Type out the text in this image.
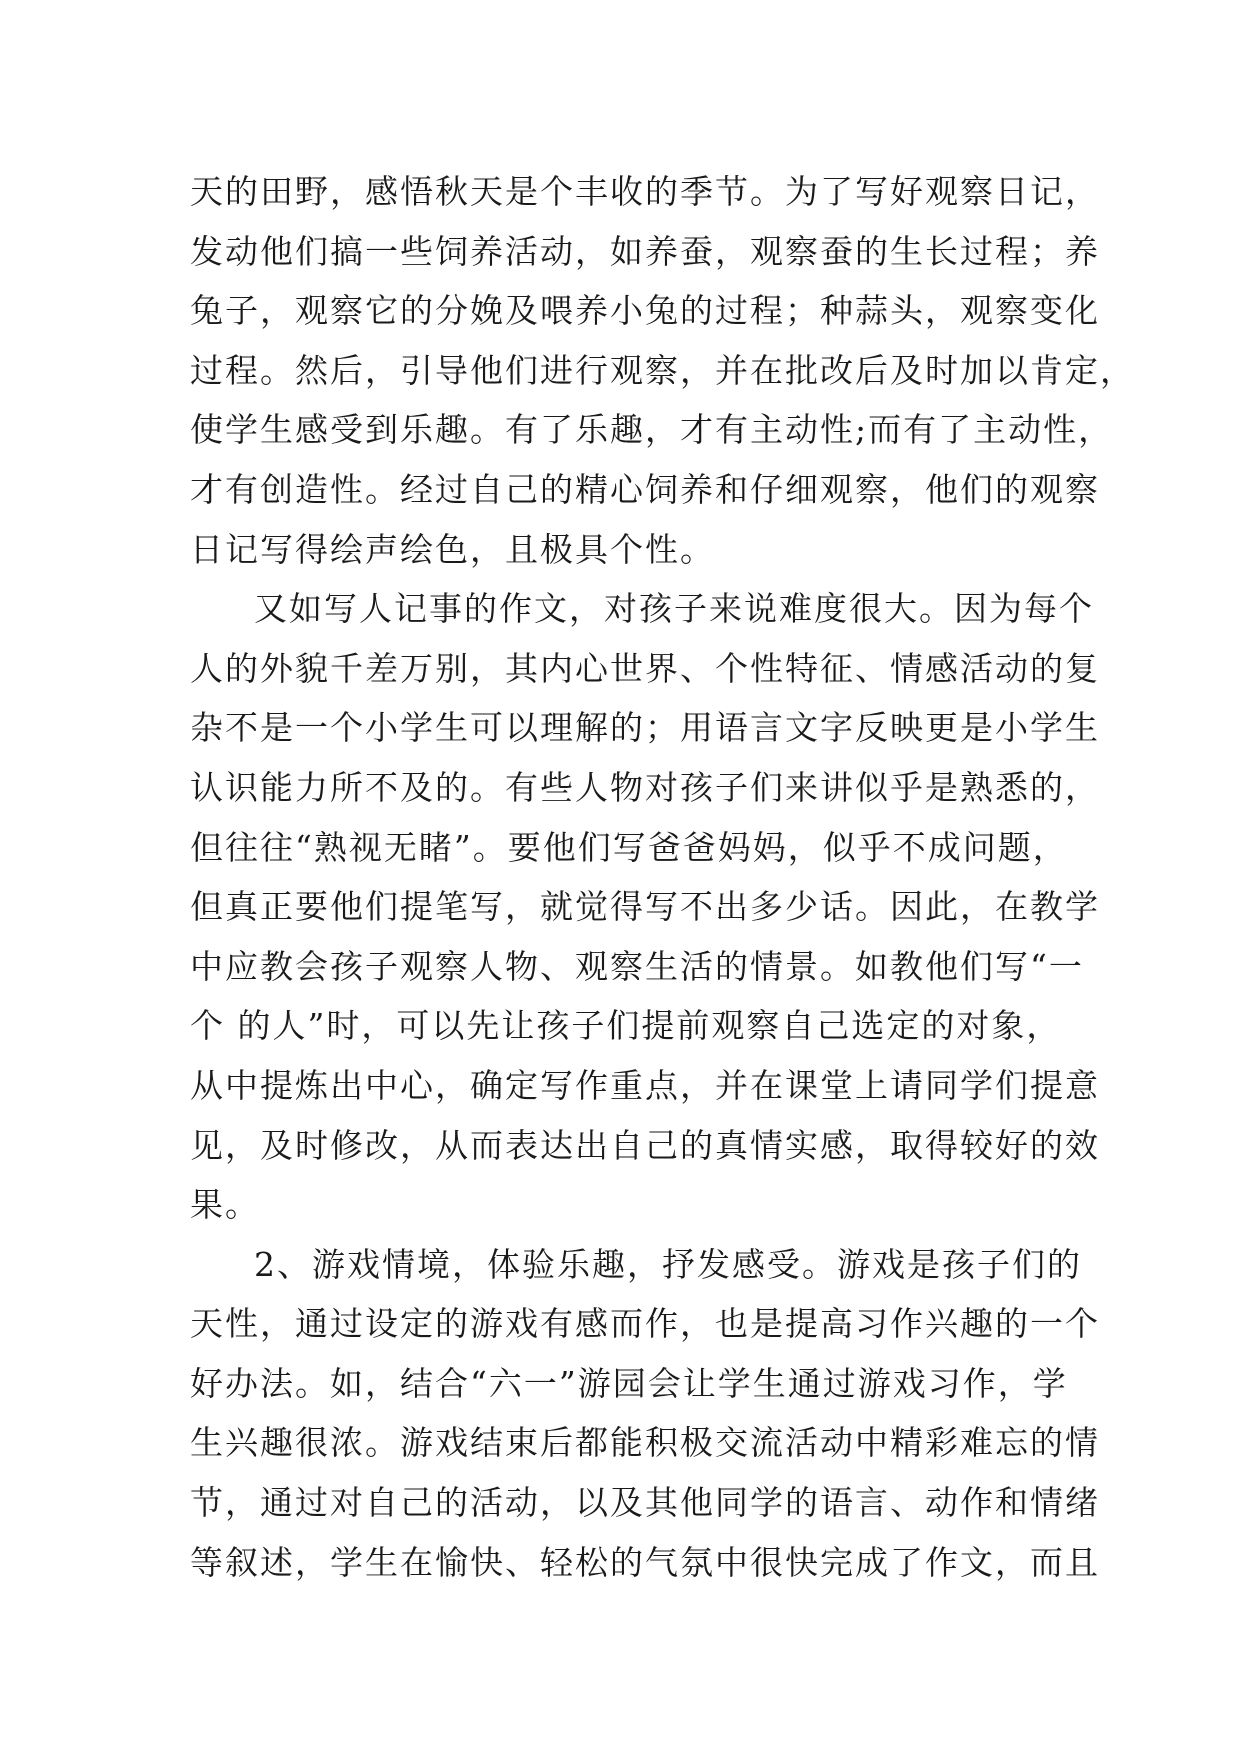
天的田野，感悟秋天是个丰收的季节。为了写好观察日记，
发动他们搞一些饲养活动，如养蚕，观察蚕的生长过程；养
兔子，观察它的分娩及喂养小兔的过程；种蒜头，观察变化
过程。然后，引导他们进行观察，并在批改后及时加以肯定，
使学生感受到乐趣。有了乐趣，才有主动性;而有了主动性，
才有创造性。经过自己的精心饲养和仔细观察，他们的观察
日记写得绘声绘色，且极具个性。
又如写人记事的作文，对孩子来说难度很大。因为每个
人的外貌千差万别，其内心世界、个性特征、情感活动的复
杂不是一个小学生可以理解的；用语言文字反映更是小学生
认识能力所不及的。有些人物对孩子们来讲似乎是熟悉的，
但往往“熟视无睹”。要他们写爸爸妈妈，似乎不成问题，
但真正要他们提笔写，就觉得写不出多少话。因此，在教学
中应教会孩子观察人物、观察生活的情景。如教他们写“一
个 的人”时，可以先让孩子们提前观察自己选定的对象，
从中提炼出中心，确定写作重点，并在课堂上请同学们提意
见，及时修改，从而表达出自己的真情实感，取得较好的效
果。
2、游戏情境，体验乐趣，抒发感受。游戏是孩子们的
天性，通过设定的游戏有感而作，也是提高习作兴趣的一个
好办法。如，结合“六一”游园会让学生通过游戏习作，学
生兴趣很浓。游戏结束后都能积极交流活动中精彩难忘的情
节，通过对自己的活动，以及其他同学的语言、动作和情绪
等叙述，学生在愉快、轻松的气氛中很快完成了作文，而且
